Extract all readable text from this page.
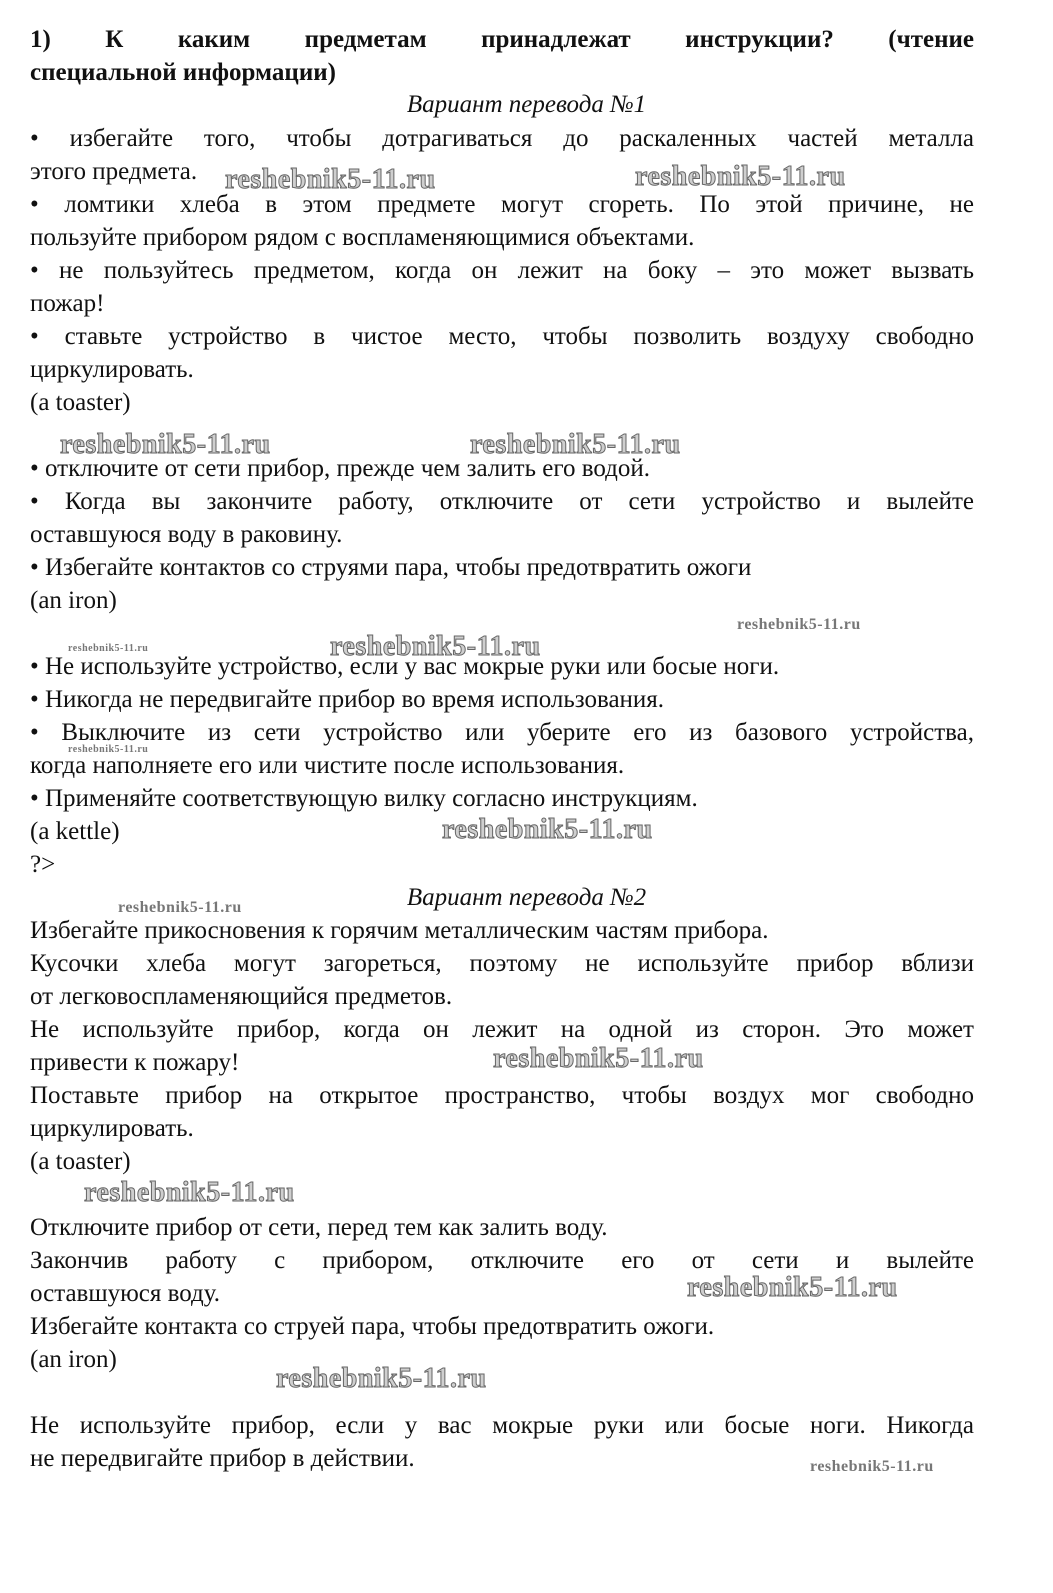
1) К каким предметам принадлежат инструкции? (чтение
специальной информации)
Вариант перевода №1
• избегайте того, чтобы дотрагиваться до раскаленных частей металла
этого предмета.
• ломтики хлеба в этом предмете могут сгореть. По этой причине, не
пользуйте прибором рядом с воспламеняющимися объектами.
• не пользуйтесь предметом, когда он лежит на боку – это может вызвать
пожар!
• ставьте устройство в чистое место, чтобы позволить воздуху свободно
циркулировать.
(a toaster)
• отключите от сети прибор, прежде чем залить его водой.
• Когда вы закончите работу, отключите от сети устройство и вылейте
оставшуюся воду в раковину.
• Избегайте контактов со струями пара, чтобы предотвратить ожоги
(an iron)
• Не используйте устройство, если у вас мокрые руки или босые ноги.
• Никогда не передвигайте прибор во время использования.
• Выключите из сети устройство или уберите его из базового устройства,
когда наполняете его или чистите после использования.
• Применяйте соответствующую вилку согласно инструкциям.
(a kettle)
?>
Вариант перевода №2
Избегайте прикосновения к горячим металлическим частям прибора.
Кусочки хлеба могут загореться, поэтому не используйте прибор вблизи
от легковоспламеняющийся предметов.
Не используйте прибор, когда он лежит на одной из сторон. Это может
привести к пожару!
Поставьте прибор на открытое пространство, чтобы воздух мог свободно
циркулировать.
(a toaster)
Отключите прибор от сети, перед тем как залить воду.
Закончив работу с прибором, отключите его от сети и вылейте
оставшуюся воду.
Избегайте контакта со струей пара, чтобы предотвратить ожоги.
(an iron)
Не используйте прибор, если у вас мокрые руки или босые ноги. Никогда
не передвигайте прибор в действии.
reshebnik5-11.ru	reshebnik5-11.ru
reshebnik5-11.ru	reshebnik5-11.ru
reshebnik5-11.ru
reshebnik5-11.ru	reshebnik5-11.ru
reshebnik5-11.ru
reshebnik5-11.ru
reshebnik5-11.ru
reshebnik5-11.ru
reshebnik5-11.ru
reshebnik5-11.ru
reshebnik5-11.ru
reshebnik5-11.ru
